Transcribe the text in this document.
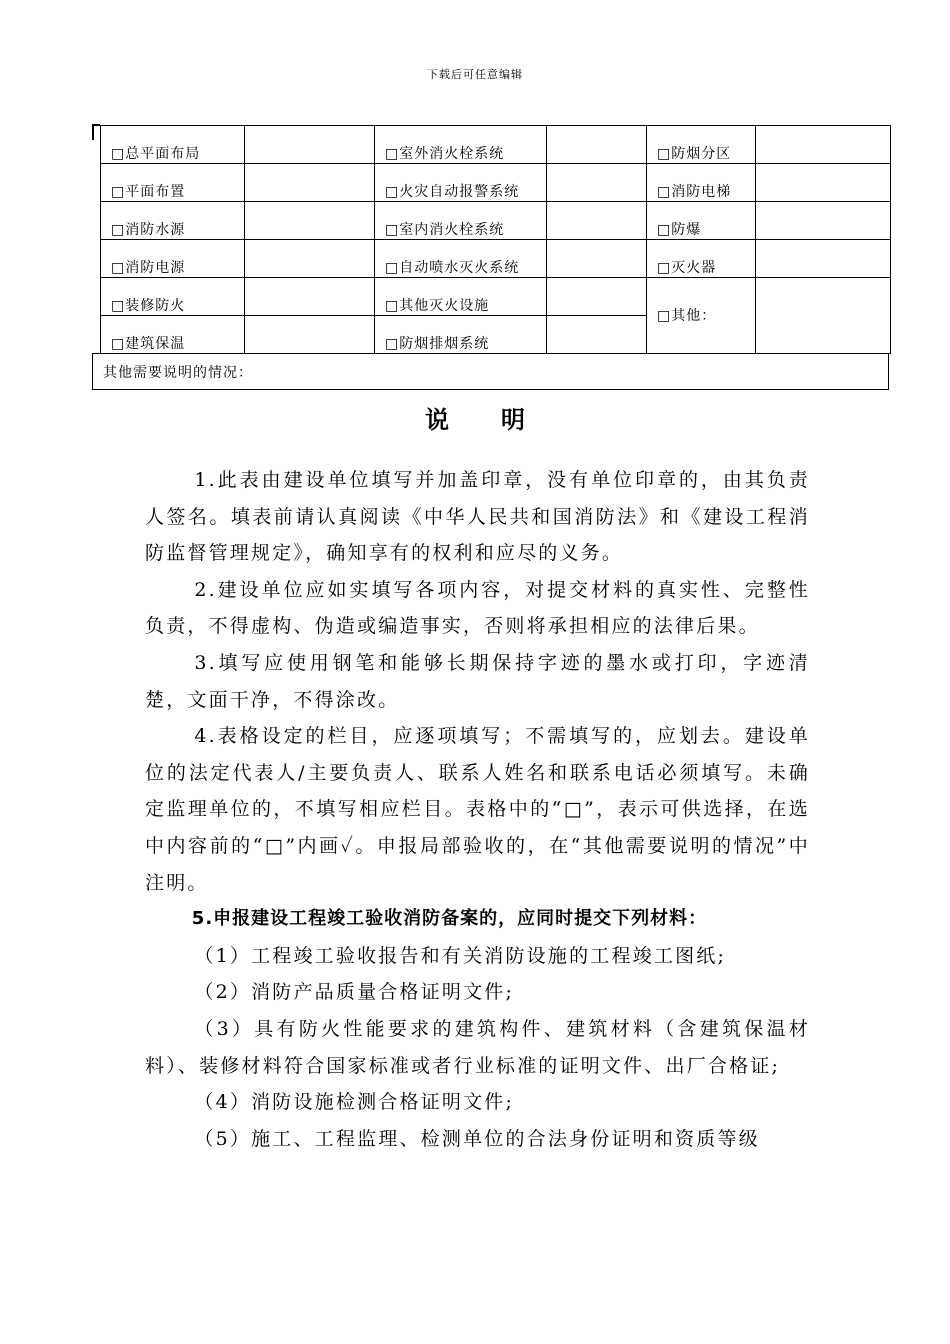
下载后可任意编辑
□总平面布局		□室外消火栓系统		□防烟分区	
□平面布置		□火灾自动报警系统		□消防电梯	
□消防水源		□室内消火栓系统		□防爆	
□消防电源		□自动喷水灭火系统		□灭火器	
□装修防火		□其他灭火设施		□其他：	
□建筑保温		□防烟排烟系统			
其他需要说明的情况：
说明

1.此表由建设单位填写并加盖印章，没有单位印章的，由其负责人签名。填表前请认真阅读《中华人民共和国消防法》和《建设工程消防监督管理规定》，确知享有的权利和应尽的义务。

2.建设单位应如实填写各项内容，对提交材料的真实性、完整性负责，不得虚构、伪造或编造事实，否则将承担相应的法律后果。

3.填写应使用钢笔和能够长期保持字迹的墨水或打印，字迹清楚，文面干净，不得涂改。

4.表格设定的栏目，应逐项填写；不需填写的，应划去。建设单位的法定代表人/主要负责人、联系人姓名和联系电话必须填写。未确定监理单位的，不填写相应栏目。表格中的“□”，表示可供选择，在选中内容前的“□”内画✓。申报局部验收的，在“其他需要说明的情况”中注明。

5.申报建设工程竣工验收消防备案的，应同时提交下列材料：

（1）工程竣工验收报告和有关消防设施的工程竣工图纸;

（2）消防产品质量合格证明文件;

（3）具有防火性能要求的建筑构件、建筑材料（含建筑保温材料）、装修材料符合国家标准或者行业标准的证明文件、出厂合格证;

（4）消防设施检测合格证明文件;

（5）施工、工程监理、检测单位的合法身份证明和资质等级
